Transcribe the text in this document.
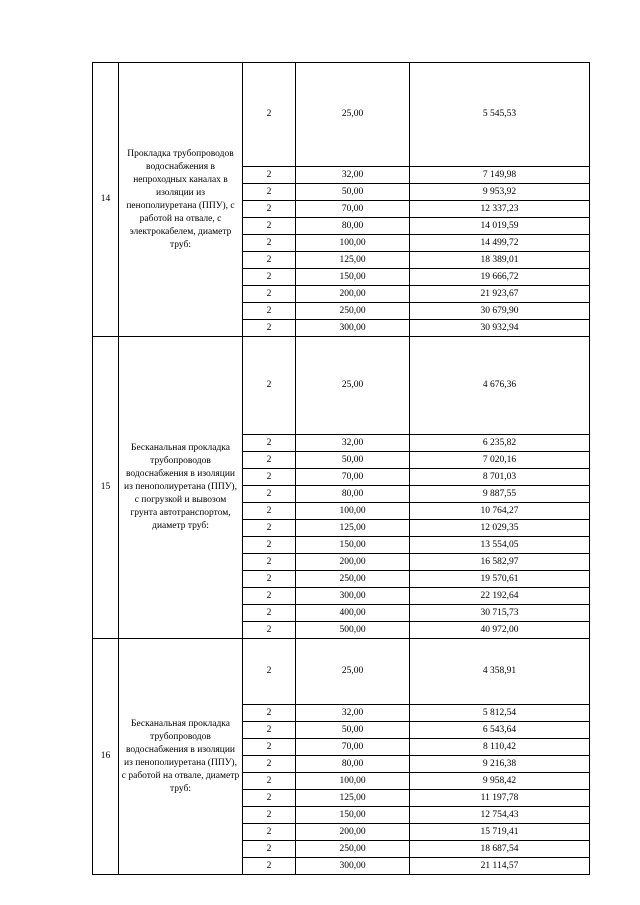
14	Прокладка трубопроводов водоснабжения в непроходных каналах в изоляции из пенополиуретана (ППУ), с работой на отвале, с электрокабелем, диаметр труб:	2	25,00	5 545,53
		2	32,00	7 149,98
		2	50,00	9 953,92
		2	70,00	12 337,23
		2	80,00	14 019,59
		2	100,00	14 499,72
		2	125,00	18 389,01
		2	150,00	19 666,72
		2	200,00	21 923,67
		2	250,00	30 679,90
		2	300,00	30 932,94
15	Бесканальная прокладка трубопроводов водоснабжения в изоляции из пенополиуретана (ППУ), с погрузкой и вывозом грунта автотранспортом, диаметр труб:	2	25,00	4 676,36
		2	32,00	6 235,82
		2	50,00	7 020,16
		2	70,00	8 701,03
		2	80,00	9 887,55
		2	100,00	10 764,27
		2	125,00	12 029,35
		2	150,00	13 554,05
		2	200,00	16 582,97
		2	250,00	19 570,61
		2	300,00	22 192,64
		2	400,00	30 715,73
		2	500,00	40 972,00
16	Бесканальная прокладка трубопроводов водоснабжения в изоляции из пенополиуретана (ППУ), с работой на отвале, диаметр труб:	2	25,00	4 358,91
		2	32,00	5 812,54
		2	50,00	6 543,64
		2	70,00	8 110,42
		2	80,00	9 216,38
		2	100,00	9 958,42
		2	125,00	11 197,78
		2	150,00	12 754,43
		2	200,00	15 719,41
		2	250,00	18 687,54
		2	300,00	21 114,57
